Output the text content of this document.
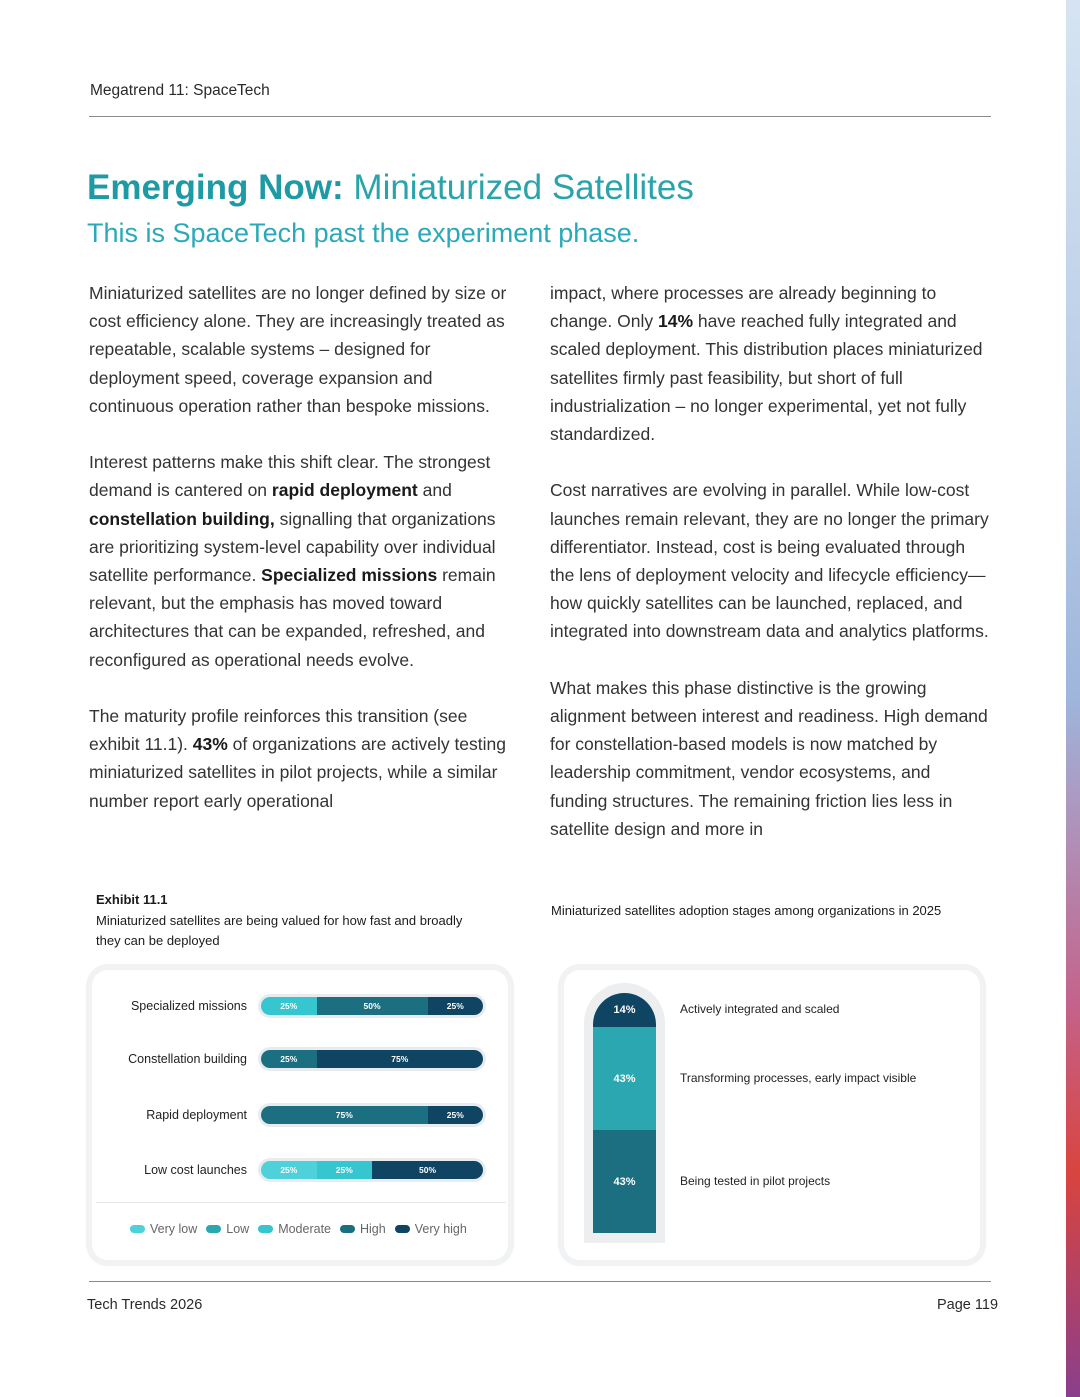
Megatrend 11: SpaceTech
Emerging Now: Miniaturized Satellites
This is SpaceTech past the experiment phase.

Miniaturized satellites are no longer defined by size or cost efficiency alone. They are increasingly treated as repeatable, scalable systems – designed for deployment speed, coverage expansion and continuous operation rather than bespoke missions.

Interest patterns make this shift clear. The strongest demand is cantered on rapid deployment and constellation building, signalling that organizations are prioritizing system-level capability over individual satellite performance. Specialized missions remain relevant, but the emphasis has moved toward architectures that can be expanded, refreshed, and reconfigured as operational needs evolve.

The maturity profile reinforces this transition (see exhibit 11.1). 43% of organizations are actively testing miniaturized satellites in pilot projects, while a similar number report early operational

impact, where processes are already beginning to change. Only 14% have reached fully integrated and scaled deployment. This distribution places miniaturized satellites firmly past feasibility, but short of full industrialization – no longer experimental, yet not fully standardized.

Cost narratives are evolving in parallel. While low-cost launches remain relevant, they are no longer the primary differentiator. Instead, cost is being evaluated through the lens of deployment velocity and lifecycle efficiency—how quickly satellites can be launched, replaced, and integrated into downstream data and analytics platforms.

What makes this phase distinctive is the growing alignment between interest and readiness. High demand for constellation-based models is now matched by leadership commitment, vendor ecosystems, and funding structures. The remaining friction lies less in satellite design and more in

Exhibit 11.1
Miniaturized satellites are being valued for how fast and broadly they can be deployed
Miniaturized satellites adoption stages among organizations in 2025
Specialized missions	25%	50%	25%
Constellation building	25%	75%
Rapid deployment	75%	25%
Low cost launches	25%	25%	50%
Very low Low Moderate High Very high
14%
43%
43%
Actively integrated and scaled
Transforming processes, early impact visible
Being tested in pilot projects
Tech Trends 2026	Page 119
